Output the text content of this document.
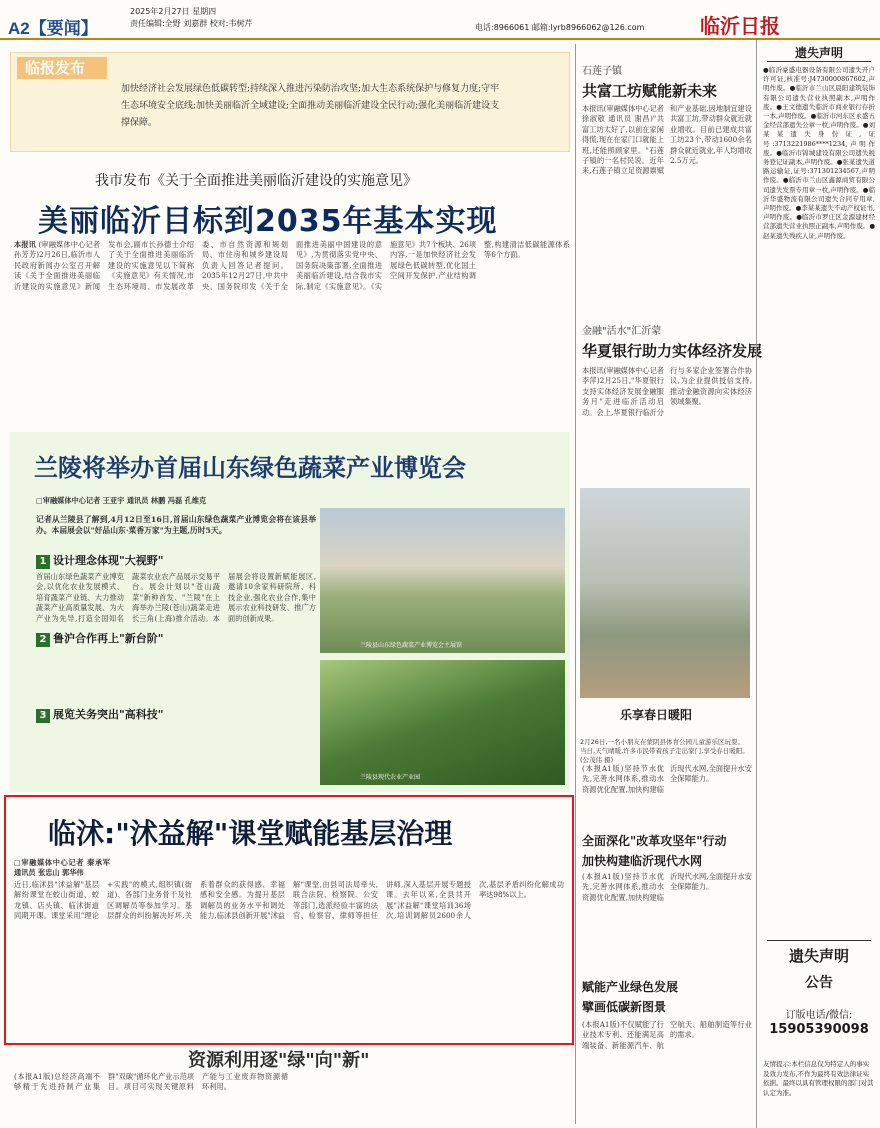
A2【要闻】
2025年2月27日 星期四
责任编辑:全野 刘嘉群 校对:韦树芹	电话:8966061 邮箱:lyrb8966062@126.com	临沂日报
临报发布
加快经济社会发展绿色低碳转型;持续深入推进污染防治攻坚;加大生态系统保护与修复力度;守牢生态环境安全底线;加快美丽临沂全域建设;全面推动美丽临沂建设全民行动;强化美丽临沂建设支撑保障。
我市发布《关于全面推进美丽临沂建设的实施意见》
美丽临沂目标到2035年基本实现
本报讯 (审融媒体中心记者 孙芳芳)2月26日,临沂市人民政府新闻办公室召开解读《关于全面推进美丽临沂建设的实施意见》新闻发布会,副市长孙德士介绍了关于全面推进美丽临沂建设的实施意见以下简称《实施意见》有关情况,市生态环境局、市发展改革委、市自然资源和规划局、市住房和城乡建设局负责人回答记者提问。2035年12月27日,中共中央、国务院印发《关于全面推进美丽中国建设的意见》,为贯彻落实党中央、国务院决策部署,全面推进美丽临沂建设,结合我市实际,制定《实施意见》。《实施意见》共7个板块、26项内容,一是加快经济社会发展绿色低碳转型,优化国土空间开发保护,产业结构调整,构建清洁低碳能源体系等6个方面。
兰陵将举办首届山东绿色蔬菜产业博览会
□审融媒体中心记者 王亚宇 通讯员 林鹏 冯磊 孔维克
记者从兰陵县了解到,4月12日至16日,首届山东绿色蔬菜产业博览会将在该县举办。本届展会以"好品山东·菜香万家"为主题,历时5天。
1 设计理念体现"大视野"
2 鲁沪合作再上"新台阶"
3 展览关务突出"高科技"
首届山东绿色蔬菜产业博览会,以优化农业发展模式、培育蔬菜产业链、大力推动蔬菜产业高质量发展、为大产业为先导,打造全国知名蔬菜农业农产品展示交易平台。展会计划以"苍山蔬菜"新种首发、"兰陵"在上海举办兰陵(苍山)蔬菜走进长三角(上海)推介活动。本届展会将设置新赋能展区,邀请10余家科研院所、科技企业,强化农业合作,集中展示农业科技研发、推广方面的创新成果。
兰陵县山东绿色蔬菜产业博览会主展馆
兰陵县现代农业产业园
临沭:"沭益解"课堂赋能基层治理
□审融媒体中心记者 秦承军 通讯员 张忠山 郭华伟
近日,临沭县"沭益解"基层解纷课堂在蛟山街道、蛟龙镇、店头镇、临沭街道同期开课。课堂采用"理论+实践"的模式,组织镇(街道)、各部门业务骨干及社区调解员等参加学习。基层群众的纠纷解决好坏,关系着群众的获得感、幸福感和安全感。为提升基层调解员的业务水平和调处能力,临沭县创新开展"沭益解"课堂,由县司法局牵头,联合法院、检察院、公安等部门,选派经验丰富的法官、检察官、律师等担任讲师,深入基层开展专题授课。去年以来,全县共开展"沭益解"课堂培训36场次,培训调解员2600余人次,基层矛盾纠纷化解成功率达98%以上。
资源利用逐"绿"向"新"
(本报A1版)总经济高端不够精于先进持制产业集群"双碳"循环化产业示范项目。项目可实现关键原料产能与工业废弃物资源循环利用。
石莲子镇
共富工坊赋能新未来
本报讯(审融媒体中心记者 徐淑敬 通讯员 谢昌)"共富工坊太好了,以前在家闲得慌,现在在家门口就能上班,还能照顾家里。"石莲子镇的一名村民说。近年来,石莲子镇立足资源禀赋和产业基础,因地制宜建设共富工坊,带动群众就近就业增收。目前已建成共富工坊23个,带动1600余名群众就近就业,年人均增收2.5万元。
金融"活水"汇沂蒙
华夏银行助力实体经济发展
本报讯(审融媒体中心记者 李萍)2月25日,"华夏银行支持实体经济发展金融服务月"走进临沂活动启动。会上,华夏银行临沂分行与多家企业签署合作协议,为企业提供授信支持,推动金融资源向实体经济领域集聚。
乐享春日暖阳
2月26日,一名小朋友在蒙阴县体育公园儿童游乐区玩耍。当日,天气晴暖,许多市民带着孩子走出家门,享受春日暖阳。(公茂伟 摄)
(本报A1版)坚持节水优先,完善水网体系,推动水资源优化配置,加快构建临沂现代水网,全面提升水安全保障能力。
全面深化"改革攻坚年"行动
加快构建临沂现代水网
(本报A1版)坚持节水优先,完善水网体系,推动水资源优化配置,加快构建临沂现代水网,全面提升水安全保障能力。
赋能产业绿色发展
擘画低碳新图景
(本报A1版)不仅赋能了行业技术专利、还能满足高端装备、新能源汽车、航空航天、船舶制造等行业的需求。
遗失声明
●临沂豪盛电器设备有限公司遗失开户许可证,核准号:J4730000867602,声明作废。●临沂市兰山区晨阳建筑装饰有限公司遗失营业执照副本,声明作废。●王文德遗失临沂市商业银行存折一本,声明作废。●临沂市河东区永盛五金经营部遗失公章一枚,声明作废。●刘某某遗失身份证,证号:3713221986****1234,声明作废。●临沂市锦城建设有限公司遗失税务登记证副本,声明作废。●张某遗失道路运输证,证号:371301234567,声明作废。●临沂市兰山区鑫源商贸有限公司遗失发票专用章一枚,声明作废。●临沂华盛物流有限公司遗失合同专用章,声明作废。●李某某遗失不动产权证书,声明作废。●临沂市罗庄区金源建材经营部遗失营业执照正副本,声明作废。●赵某遗失残疾人证,声明作废。
遗失声明
公告
订版电话/微信:
15905390098
友情提示:本栏信息仅为特定人的事实及效力发布,不作为最终有效法律证实依据。最终以具有管理权限的部门对其认定为准。
